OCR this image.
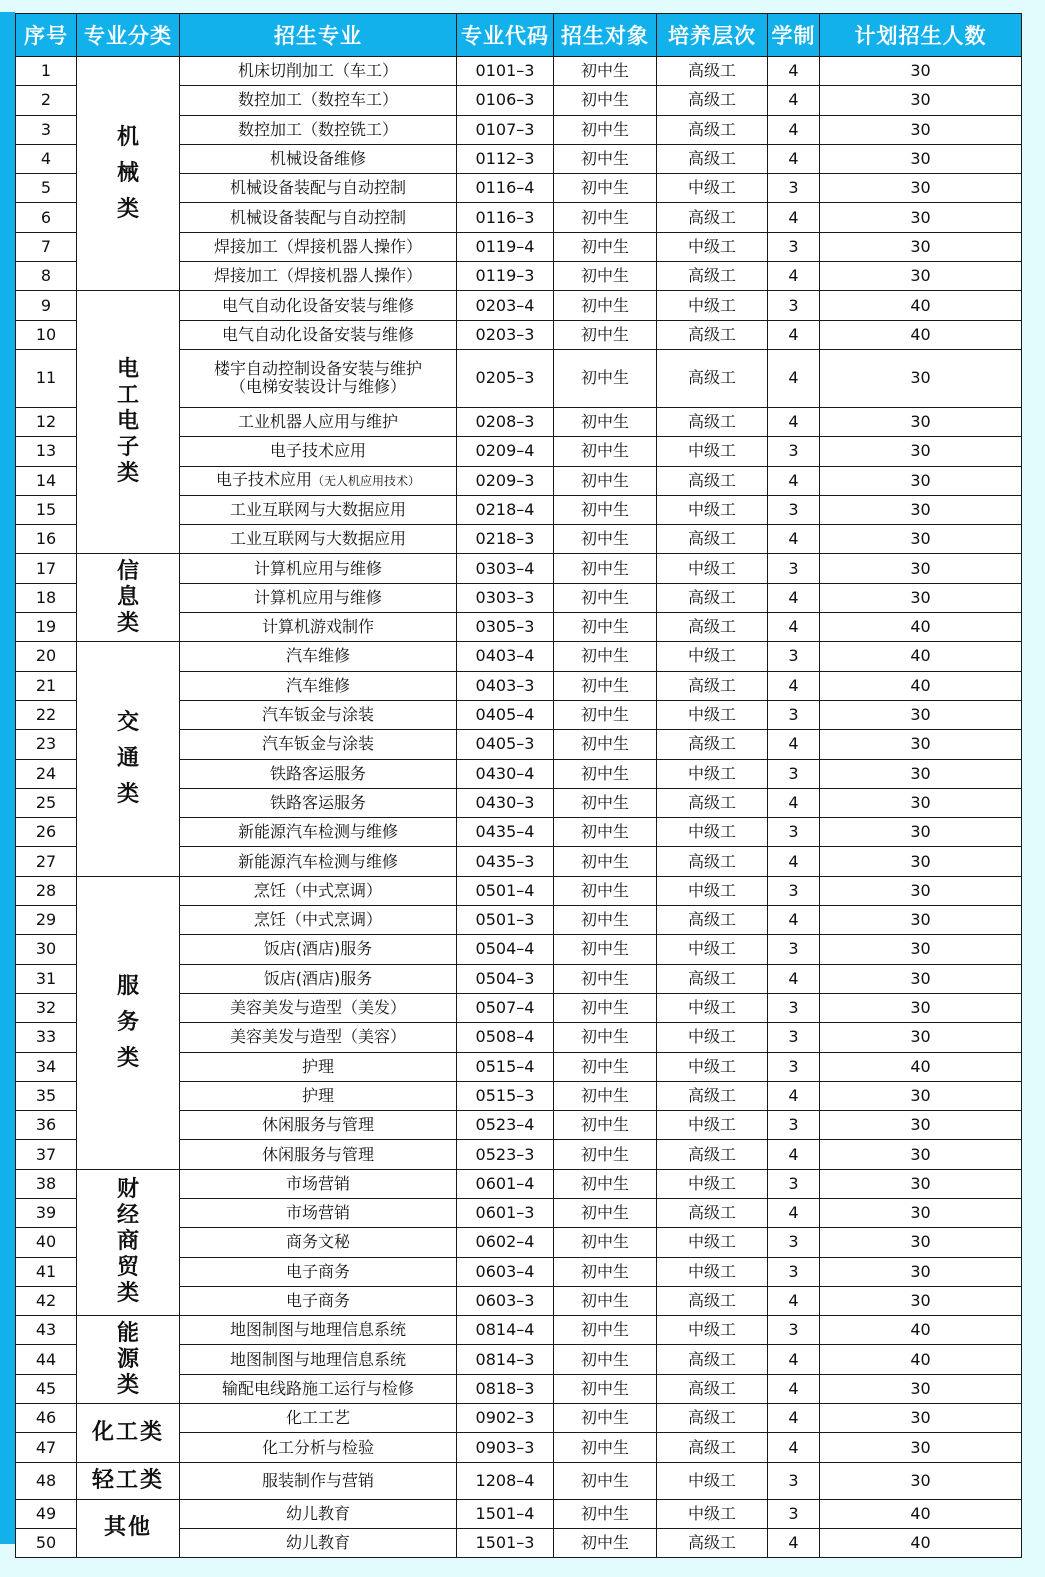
序号	专业分类	招生专业	专业代码	招生对象	培养层次	学制	计划招生人数
1	机械类	机床切削加工（车工）	0101–3	初中生	高级工	4	30
2		数控加工（数控车工）	0106–3	初中生	高级工	4	30
3		数控加工（数控铣工）	0107–3	初中生	高级工	4	30
4		机械设备维修	0112–3	初中生	高级工	4	30
5		机械设备装配与自动控制	0116–4	初中生	中级工	3	30
6		机械设备装配与自动控制	0116–3	初中生	高级工	4	30
7		焊接加工（焊接机器人操作）	0119–4	初中生	中级工	3	30
8		焊接加工（焊接机器人操作）	0119–3	初中生	高级工	4	30
9	电工电子类	电气自动化设备安装与维修	0203–4	初中生	中级工	3	40
10		电气自动化设备安装与维修	0203–3	初中生	高级工	4	40
11		楼宇自动控制设备安装与维护
（电梯安装设计与维修）	0205–3	初中生	高级工	4	30
12		工业机器人应用与维护	0208–3	初中生	高级工	4	30
13		电子技术应用	0209–4	初中生	中级工	3	30
14		电子技术应用（无人机应用技术）	0209–3	初中生	高级工	4	30
15		工业互联网与大数据应用	0218–4	初中生	中级工	3	30
16		工业互联网与大数据应用	0218–3	初中生	高级工	4	30
17	信息类	计算机应用与维修	0303–4	初中生	中级工	3	30
18		计算机应用与维修	0303–3	初中生	高级工	4	30
19		计算机游戏制作	0305–3	初中生	高级工	4	40
20	交通类	汽车维修	0403–4	初中生	中级工	3	40
21		汽车维修	0403–3	初中生	高级工	4	40
22		汽车钣金与涂装	0405–4	初中生	中级工	3	30
23		汽车钣金与涂装	0405–3	初中生	高级工	4	30
24		铁路客运服务	0430–4	初中生	中级工	3	30
25		铁路客运服务	0430–3	初中生	高级工	4	30
26		新能源汽车检测与维修	0435–4	初中生	中级工	3	30
27		新能源汽车检测与维修	0435–3	初中生	高级工	4	30
28	服务类	烹饪（中式烹调）	0501–4	初中生	中级工	3	30
29		烹饪（中式烹调）	0501–3	初中生	高级工	4	30
30		饭店(酒店)服务	0504–4	初中生	中级工	3	30
31		饭店(酒店)服务	0504–3	初中生	高级工	4	30
32		美容美发与造型（美发）	0507–4	初中生	中级工	3	30
33		美容美发与造型（美容）	0508–4	初中生	中级工	3	30
34		护理	0515–4	初中生	中级工	3	40
35		护理	0515–3	初中生	高级工	4	30
36		休闲服务与管理	0523–4	初中生	中级工	3	30
37		休闲服务与管理	0523–3	初中生	高级工	4	30
38	财经商贸类	市场营销	0601–4	初中生	中级工	3	30
39		市场营销	0601–3	初中生	高级工	4	30
40		商务文秘	0602–4	初中生	中级工	3	30
41		电子商务	0603–4	初中生	中级工	3	30
42		电子商务	0603–3	初中生	高级工	4	30
43	能源类	地图制图与地理信息系统	0814–4	初中生	中级工	3	40
44		地图制图与地理信息系统	0814–3	初中生	高级工	4	40
45		输配电线路施工运行与检修	0818–3	初中生	高级工	4	30
46	化工类	化工工艺	0902–3	初中生	高级工	4	30
47		化工分析与检验	0903–3	初中生	高级工	4	30
48	轻工类	服装制作与营销	1208–4	初中生	中级工	3	30
49	其他	幼儿教育	1501–4	初中生	中级工	3	40
50		幼儿教育	1501–3	初中生	高级工	4	40
